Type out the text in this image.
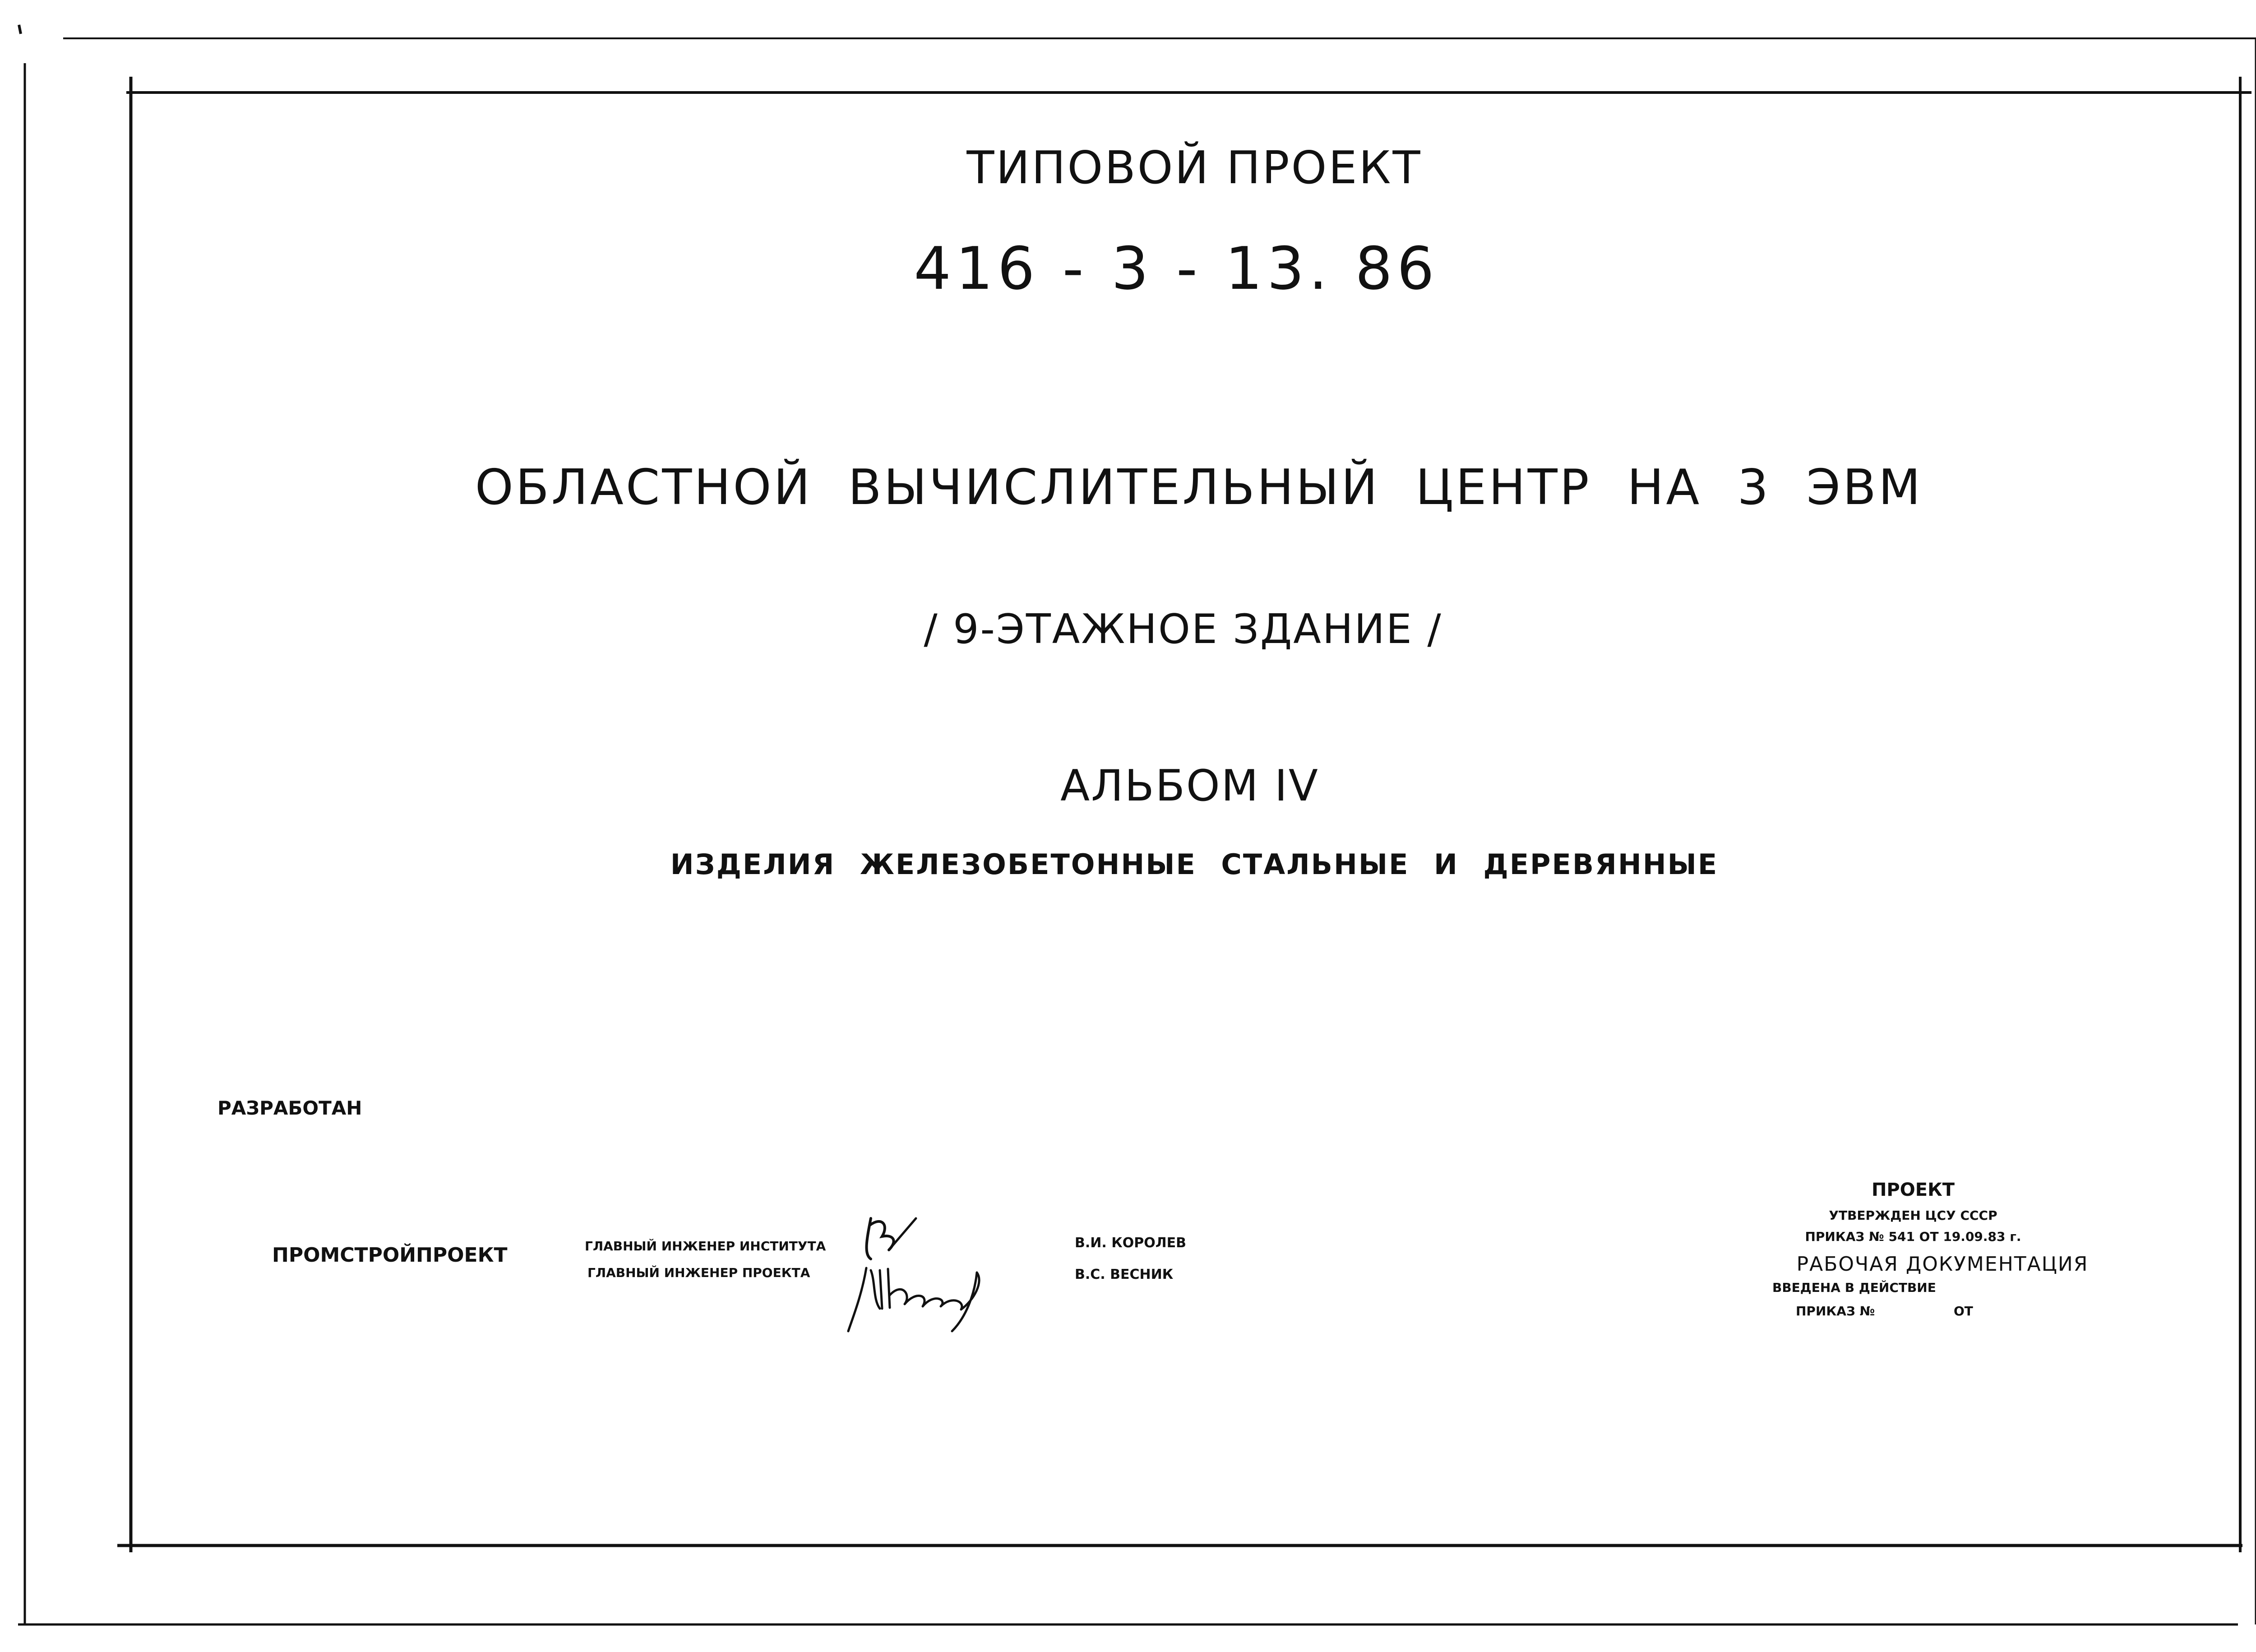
ТИПОВОЙ ПРОЕКТ
416 - 3 - 13. 86
ОБЛАСТНОЙ ВЫЧИСЛИТЕЛЬНЫЙ ЦЕНТР НА 3 ЭВМ
/ 9-ЭТАЖНОЕ ЗДАНИЕ /
АЛЬБОМ IV
ИЗДЕЛИЯ ЖЕЛЕЗОБЕТОННЫЕ СТАЛЬНЫЕ И ДЕРЕВЯННЫЕ
РАЗРАБОТАН
ПРОМСТРОЙПРОЕКТ	ГЛАВНЫЙ ИНЖЕНЕР ИНСТИТУТА
ГЛАВНЫЙ ИНЖЕНЕР ПРОЕКТА
В.И. КОРОЛЕВ
В.С. ВЕСНИК
ПРОЕКТ
УТВЕРЖДЕН ЦСУ СССР
ПРИКАЗ № 541 ОТ 19.09.83 г.
РАБОЧАЯ ДОКУМЕНТАЦИЯ
ВВЕДЕНА В ДЕЙСТВИЕ
ПРИКАЗ №	ОТ
